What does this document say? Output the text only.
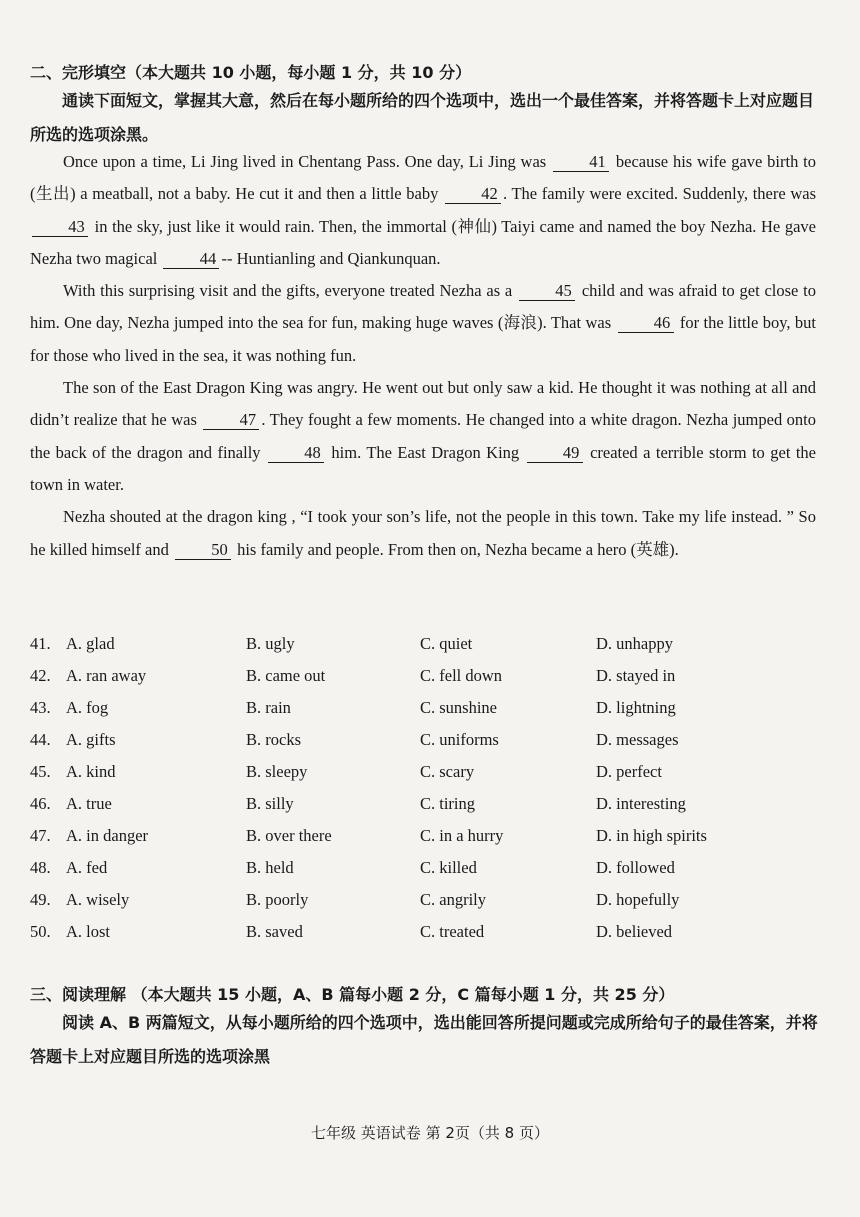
二、完形填空（本大题共 10 小题，每小题 1 分，共 10 分）
通读下面短文，掌握其大意，然后在每小题所给的四个选项中，选出一个最佳答案，并将答题卡上对应题目所选的选项涂黑。

Once upon a time, Li Jing lived in Chentang Pass. One day, Li Jing was	41 because his wife gave birth to (生出) a meatball, not a baby. He cut it and then a little baby	42 . The family were excited. Suddenly, there was 43 in the sky, just like it would rain. Then, the immortal (神仙) Taiyi came and named the boy Nezha. He gave Nezha two magical	44 -- Huntianling and Qiankunquan.

With this surprising visit and the gifts, everyone treated Nezha as a	45 child and was afraid to get close to him. One day, Nezha jumped into the sea for fun, making huge waves (海浪). That was	46 for the little boy, but for those who lived in the sea, it was nothing fun.

The son of the East Dragon King was angry. He went out but only saw a kid. He thought it was nothing at all and didn’t realize that he was	47 . They fought a few moments. He changed into a white dragon. Nezha jumped onto the back of the dragon and finally	48 him. The East Dragon King	49 created a terrible storm to get the town in water.

Nezha shouted at the dragon king , “I took your son’s life, not the people in this town. Take my life instead. ” So he killed himself and	50 his family and people. From then on, Nezha became a hero (英雄).

41. A. glad	B. ugly	C. quiet	D. unhappy
42. A. ran away	B. came out	C. fell down	D. stayed in
43. A. fog	B. rain	C. sunshine	D. lightning
44. A. gifts	B. rocks	C. uniforms	D. messages
45. A. kind	B. sleepy	C. scary	D. perfect
46. A. true	B. silly	C. tiring	D. interesting
47. A. in danger	B. over there	C. in a hurry	D. in high spirits
48. A. fed	B. held	C. killed	D. followed
49. A. wisely	B. poorly	C. angrily	D. hopefully
50. A. lost	B. saved	C. treated	D. believed
三、阅读理解 （本大题共 15 小题，A、B 篇每小题 2 分，C 篇每小题 1 分，共 25 分）
阅读 A、B 两篇短文，从每小题所给的四个选项中，选出能回答所提问题或完成所给句子的最佳答案，并将答题卡上对应题目所选的选项涂黑
七年级 英语试卷 第 2页（共 8 页）
